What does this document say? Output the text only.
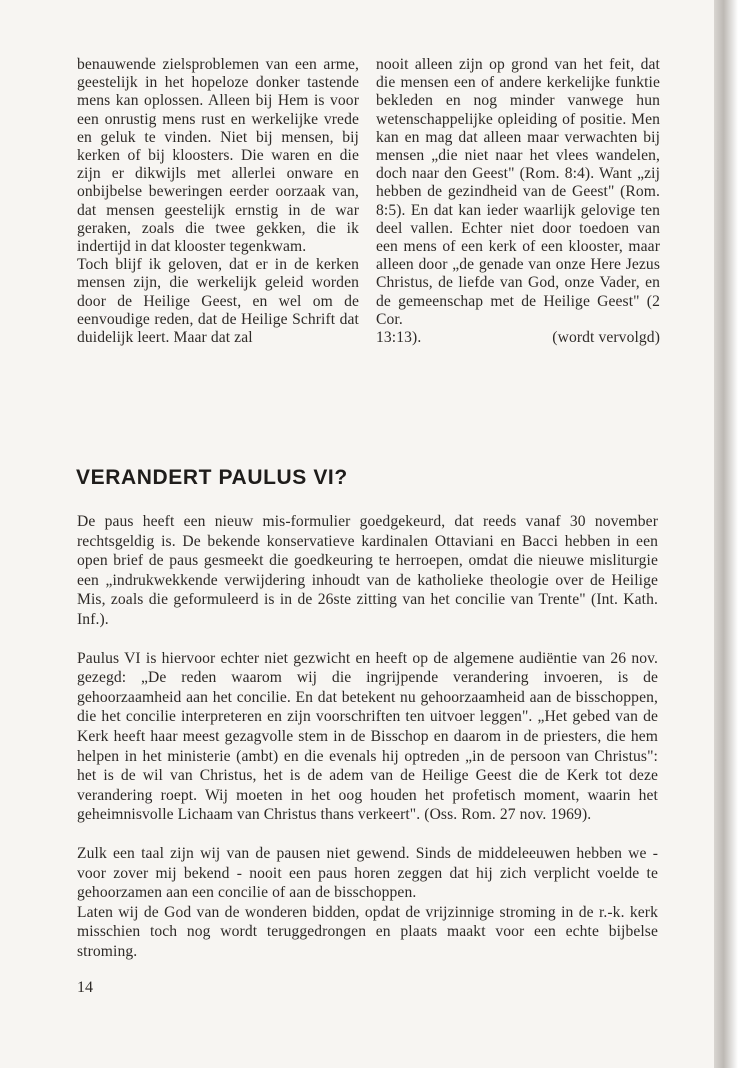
benauwende zielsproblemen van een arme, geestelijk in het hopeloze donker tastende mens kan oplossen. Alleen bij Hem is voor een onrustig mens rust en werkelijke vrede en geluk te vinden. Niet bij mensen, bij kerken of bij kloosters. Die waren en die zijn er dikwijls met allerlei onware en onbijbelse beweringen eerder oorzaak van, dat mensen geestelijk ernstig in de war geraken, zoals die twee gekken, die ik indertijd in dat klooster tegenkwam.

Toch blijf ik geloven, dat er in de kerken mensen zijn, die werkelijk geleid worden door de Heilige Geest, en wel om de eenvoudige reden, dat de Heilige Schrift dat duidelijk leert. Maar dat zal

nooit alleen zijn op grond van het feit, dat die mensen een of andere kerkelijke funktie bekleden en nog minder vanwege hun wetenschappelijke opleiding of positie. Men kan en mag dat alleen maar verwachten bij mensen „die niet naar het vlees wandelen, doch naar den Geest" (Rom. 8:4). Want „zij hebben de gezindheid van de Geest" (Rom. 8:5). En dat kan ieder waarlijk gelovige ten deel vallen. Echter niet door toedoen van een mens of een kerk of een klooster, maar alleen door „de genade van onze Here Jezus Christus, de liefde van God, onze Vader, en de gemeenschap met de Heilige Geest" (2 Cor.

13:13).	(wordt vervolgd)
VERANDERT PAULUS VI?

De paus heeft een nieuw mis-formulier goedgekeurd, dat reeds vanaf 30 november rechtsgeldig is. De bekende konservatieve kardinalen Ottaviani en Bacci hebben in een open brief de paus gesmeekt die goedkeuring te herroepen, omdat die nieuwe misliturgie een „indrukwekkende verwijdering inhoudt van de katholieke theologie over de Heilige Mis, zoals die geformuleerd is in de 26ste zitting van het concilie van Trente" (Int. Kath. Inf.).

Paulus VI is hiervoor echter niet gezwicht en heeft op de algemene audiëntie van 26 nov. gezegd: „De reden waarom wij die ingrijpende verandering invoeren, is de gehoorzaamheid aan het concilie. En dat betekent nu gehoorzaamheid aan de bisschoppen, die het concilie interpreteren en zijn voorschriften ten uitvoer leggen". „Het gebed van de Kerk heeft haar meest gezagvolle stem in de Bisschop en daarom in de priesters, die hem helpen in het ministerie (ambt) en die evenals hij optreden „in de persoon van Christus": het is de wil van Christus, het is de adem van de Heilige Geest die de Kerk tot deze verandering roept. Wij moeten in het oog houden het profetisch moment, waarin het geheimnisvolle Lichaam van Christus thans verkeert". (Oss. Rom. 27 nov. 1969).

Zulk een taal zijn wij van de pausen niet gewend. Sinds de middeleeuwen hebben we - voor zover mij bekend - nooit een paus horen zeggen dat hij zich verplicht voelde te gehoorzamen aan een concilie of aan de bisschoppen.

Laten wij de God van de wonderen bidden, opdat de vrijzinnige stroming in de r.-k. kerk misschien toch nog wordt teruggedrongen en plaats maakt voor een echte bijbelse stroming.

14
